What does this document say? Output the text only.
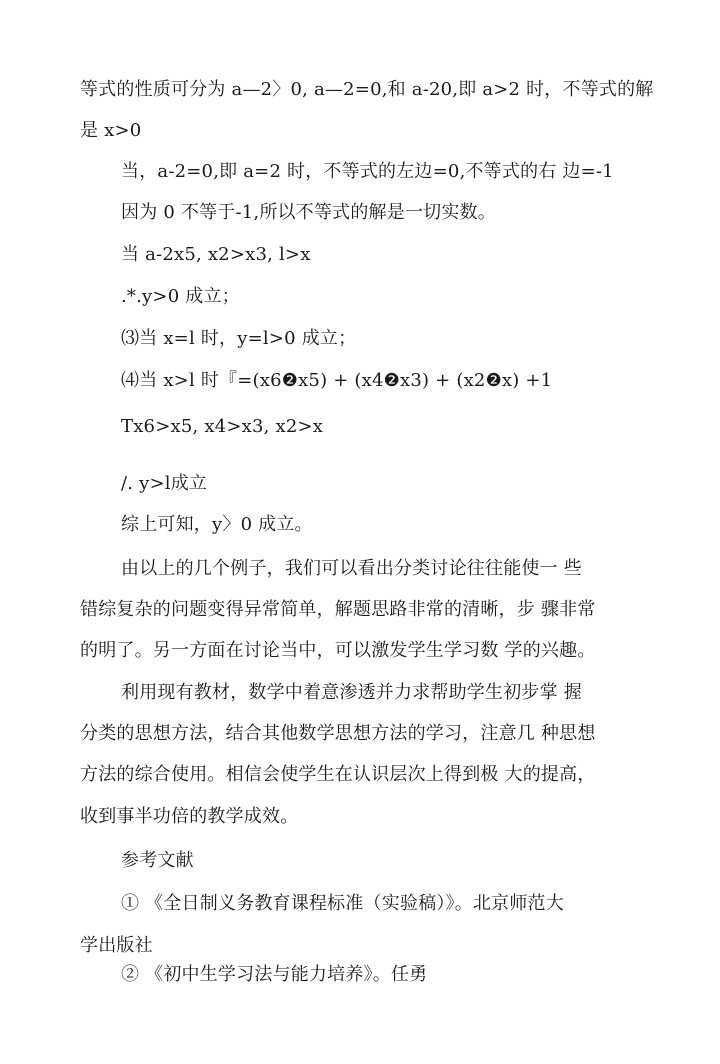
等式的性质可分为 a—2〉0, a—2=0,和 a-20,即 a>2 时，不等式的解
是 x>0
当，a-2=0,即 a=2 时，不等式的左边=0,不等式的右 边=-1
因为 0 不等于-1,所以不等式的解是一切实数。
当 a-2x5, x2>x3, l>x
.*.y>0 成立；
⑶当 x=l 时，y=l>0 成立；
⑷当 x>l 时『=(x6❷x5) + (x4❷x3) + (x2❷x) +1
Tx6>x5, x4>x3, x2>x
/. y>l成立
综上可知，y〉0 成立。
由以上的几个例子，我们可以看出分类讨论往往能使一 些
错综复杂的问题变得异常简单，解题思路非常的清晰，步 骤非常
的明了。另一方面在讨论当中，可以激发学生学习数 学的兴趣。
利用现有教材，数学中着意渗透并力求帮助学生初步掌 握
分类的思想方法，结合其他数学思想方法的学习，注意几 种思想
方法的综合使用。相信会使学生在认识层次上得到极 大的提高，
收到事半功倍的教学成效。
参考文献
① 《全日制义务教育课程标准（实验稿）》。北京师范大
学出版社
② 《初中生学习法与能力培养》。任勇
